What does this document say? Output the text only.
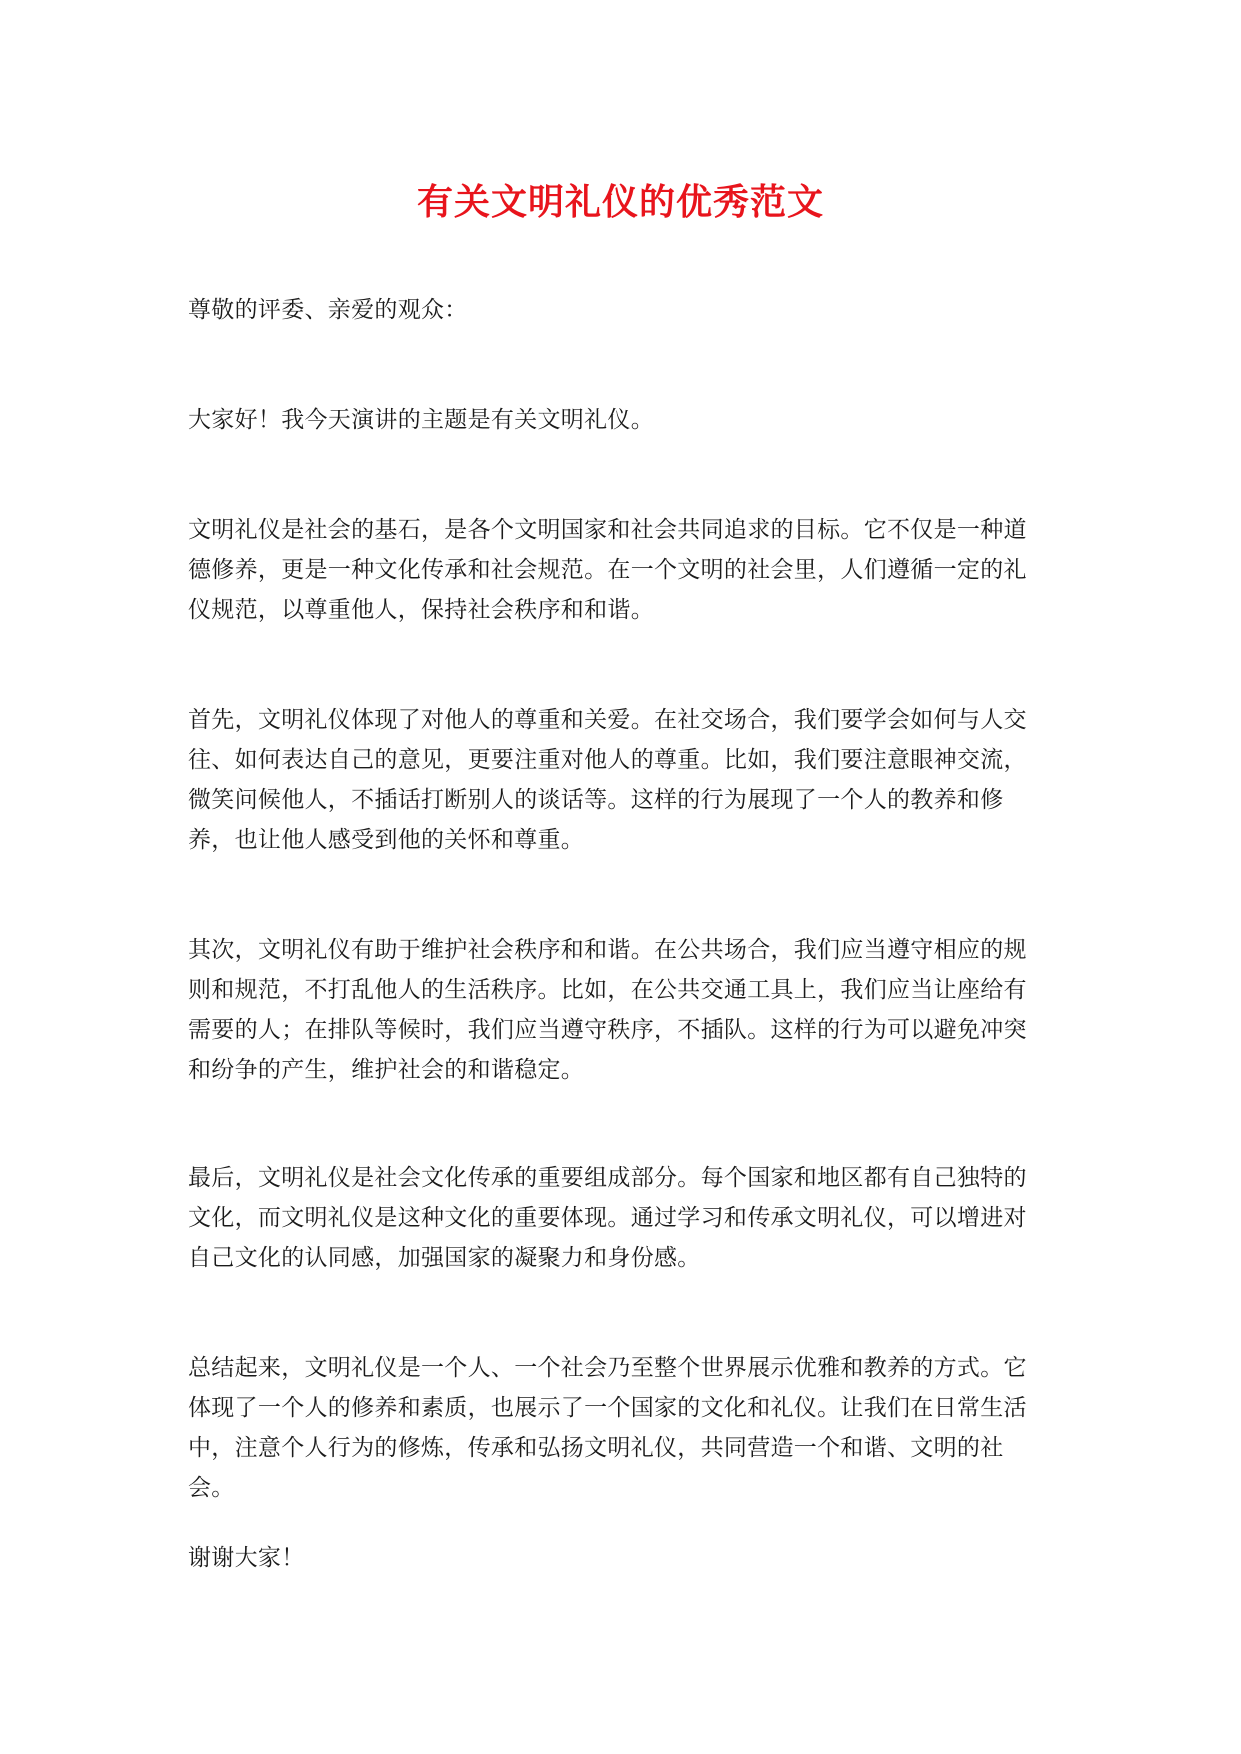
有关文明礼仪的优秀范文

尊敬的评委、亲爱的观众：

大家好！我今天演讲的主题是有关文明礼仪。

文明礼仪是社会的基石，是各个文明国家和社会共同追求的目标。它不仅是一种道德修养，更是一种文化传承和社会规范。在一个文明的社会里，人们遵循一定的礼仪规范，以尊重他人，保持社会秩序和和谐。

首先，文明礼仪体现了对他人的尊重和关爱。在社交场合，我们要学会如何与人交往、如何表达自己的意见，更要注重对他人的尊重。比如，我们要注意眼神交流，微笑问候他人，不插话打断别人的谈话等。这样的行为展现了一个人的教养和修养，也让他人感受到他的关怀和尊重。

其次，文明礼仪有助于维护社会秩序和和谐。在公共场合，我们应当遵守相应的规则和规范，不打乱他人的生活秩序。比如，在公共交通工具上，我们应当让座给有需要的人；在排队等候时，我们应当遵守秩序，不插队。这样的行为可以避免冲突和纷争的产生，维护社会的和谐稳定。

最后，文明礼仪是社会文化传承的重要组成部分。每个国家和地区都有自己独特的文化，而文明礼仪是这种文化的重要体现。通过学习和传承文明礼仪，可以增进对自己文化的认同感，加强国家的凝聚力和身份感。

总结起来，文明礼仪是一个人、一个社会乃至整个世界展示优雅和教养的方式。它体现了一个人的修养和素质，也展示了一个国家的文化和礼仪。让我们在日常生活中，注意个人行为的修炼，传承和弘扬文明礼仪，共同营造一个和谐、文明的社会。

谢谢大家！
